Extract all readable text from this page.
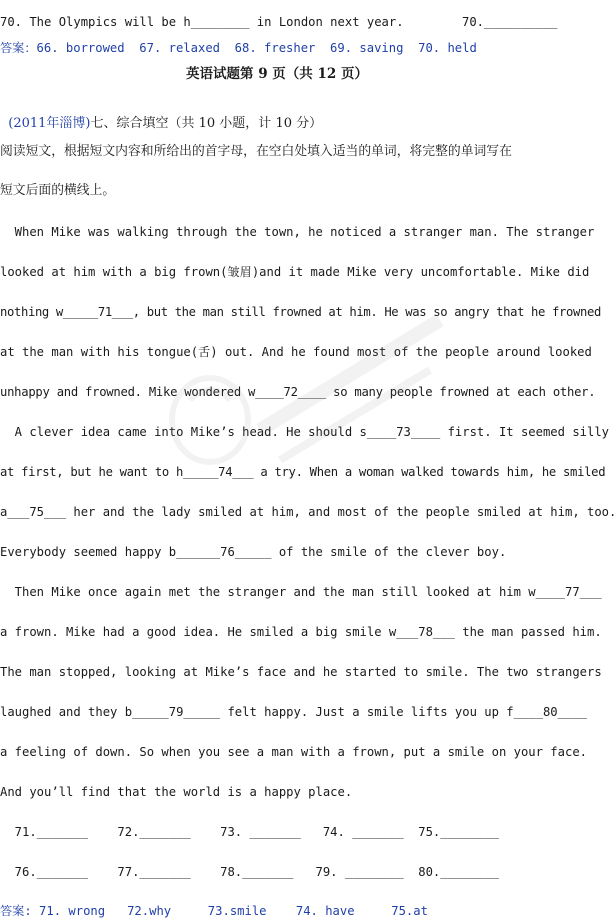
70. The Olympics will be h________ in London next year.	70.__________
答案：66. borrowed  67. relaxed  68. fresher  69. saving  70. held
英语试题第 9 页（共 12 页）

(2011年淄博)七、综合填空（共 10 小题，计 10 分）

阅读短文，根据短文内容和所给出的首字母，在空白处填入适当的单词，将完整的单词写在
短文后面的横线上。
When Mike was walking through the town, he noticed a stranger man. The stranger
looked at him with a big frown(皱眉)and it made Mike very uncomfortable. Mike did
nothing w_____71___, but the man still frowned at him. He was so angry that he frowned
at the man with his tongue(舌) out. And he found most of the people around looked
unhappy and frowned. Mike wondered w____72____ so many people frowned at each other.
A clever idea came into Mike’s head. He should s____73____ first. It seemed silly
at first, but he want to h_____74___ a try. When a woman walked towards him, he smiled
a___75___ her and the lady smiled at him, and most of the people smiled at him, too.
Everybody seemed happy b______76_____ of the smile of the clever boy.
Then Mike once again met the stranger and the man still looked at him w____77___
a frown. Mike had a good idea. He smiled a big smile w___78___ the man passed him.
The man stopped, looking at Mike’s face and he started to smile. The two strangers
laughed and they b_____79_____ felt happy. Just a smile lifts you up f____80____
a feeling of down. So when you see a man with a frown, put a smile on your face.
And you’ll find that the world is a happy place.
71._______    72._______    73. _______   74. _______  75.________
76._______    77._______    78._______   79. ________  80.________
答案: 71. wrong   72.why     73.smile    74. have     75.at
